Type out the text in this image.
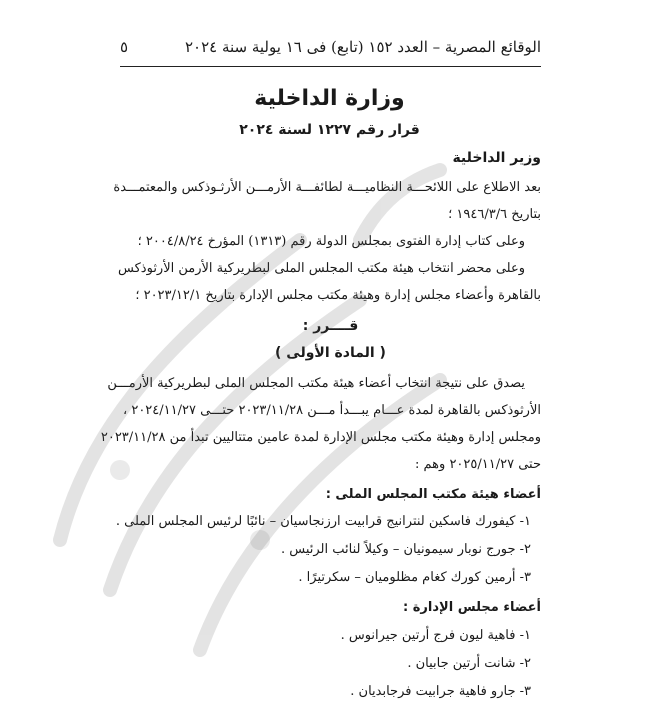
الوقائع المصرية – العدد ١٥٢ (تابع) فى ١٦ يولية سنة ٢٠٢٤
٥
وزارة الداخلية
قرار رقم ١٢٢٧ لسنة ٢٠٢٤
وزير الداخلية
بعد الاطلاع على اللائحـــة النظاميـــة لطائفـــة الأرمـــن الأرثـوذكس والمعتمـــدة
بتاريخ ١٩٤٦/٣/٦ ؛
وعلى كتاب إدارة الفتوى بمجلس الدولة رقم (١٣١٣) المؤرخ ٢٠٠٤/٨/٢٤ ؛
وعلى محضر انتخاب هيئة مكتب المجلس الملى لبطريركية الأرمن الأرثوذكس
بالقاهرة وأعضاء مجلس إدارة وهيئة مكتب مجلس الإدارة بتاريخ ٢٠٢٣/١٢/١ ؛
قــــرر :
( المادة الأولى )
يصدق على نتيجة انتخاب أعضاء هيئة مكتب المجلس الملى لبطريركية الأرمـــن
الأرثوذكس بالقاهرة لمدة عـــام يبـــدأ مـــن ٢٠٢٣/١١/٢٨ حتـــى ٢٠٢٤/١١/٢٧ ،
ومجلس إدارة وهيئة مكتب مجلس الإدارة لمدة عامين متتاليين تبدأ من ٢٠٢٣/١١/٢٨
حتى ٢٠٢٥/١١/٢٧ وهم :
أعضاء هيئة مكتب المجلس الملى :
١- كيفورك فاسكين لنترانيج قرابيت ارزنجاسيان – نائبًا لرئيس المجلس الملى .
٢- جورج نوبار سيمونيان – وكيلاً لنائب الرئيس .
٣- أرمين كورك كغام مظلوميان – سكرتيرًا .
أعضاء مجلس الإدارة :
١- فاهية ليون فرج أرتين جيرانوس .
٢- شانت أرتين جابيان .
٣- جارو فاهية جرابيت فرجابديان .
